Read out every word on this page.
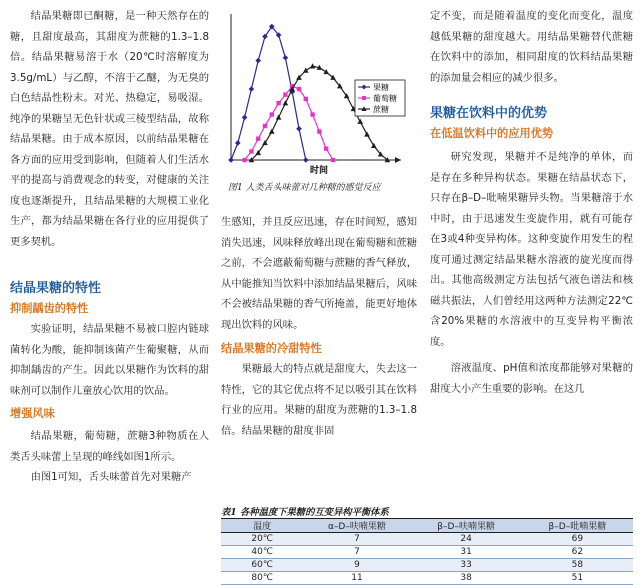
结晶果糖即已酮糖，是一种天然存在的糖，且甜度最高，其甜度为蔗糖的1.3–1.8倍。结晶果糖易溶于水（20℃时溶解度为3.5g/mL）与乙醇，不溶于乙醚，为无臭的白色结晶性粉末。对光、热稳定，易吸湿。纯净的果糖呈无色针状或三棱型结晶，故称结晶果糖。由于成本原因，以前结晶果糖在各方面的应用受到影响，但随着人们生活水平的提高与消费观念的转变，对健康的关注度也逐渐提升，且结晶果糖的大规模工业化生产，都为结晶果糖在各行业的应用提供了更多契机。

结晶果糖的特性
抑制龋齿的特性

实验证明，结晶果糖不易被口腔内链球菌转化为酸，能抑制该菌产生葡聚糖，从而抑制龋齿的产生。因此以果糖作为饮料的甜味剂可以制作儿童放心饮用的饮品。

增强风味

结晶果糖，葡萄糖，蔗糖3种物质在人类舌头味蕾上呈现的峰线如图1所示。

由图1可知，舌头味蕾首先对果糖产

时间
果糖
葡萄糖
蔗糖
图1 人类舌头味蕾对几种糖的感觉反应

生感知，并且反应迅速，存在时间短，感知消失迅速，风味释放峰出现在葡萄糖和蔗糖之前，不会遮蔽葡萄糖与蔗糖的香气释放，从中能推知当饮料中添加结晶果糖后，风味不会被结晶果糖的香气所掩盖，能更好地体现出饮料的风味。

结晶果糖的冷甜特性

果糖最大的特点就是甜度大，失去这一特性，它的其它优点将不足以吸引其在饮料行业的应用。果糖的甜度为蔗糖的1.3–1.8倍。结晶果糖的甜度非固

定不变，而是随着温度的变化而变化，温度越低果糖的甜度越大。用结晶果糖替代蔗糖在饮料中的添加，相同甜度的饮料结晶果糖的添加量会相应的减少很多。

果糖在饮料中的优势
在低温饮料中的应用优势

研究发现，果糖并不是纯净的单体，而是存在多种异构状态。果糖在结晶状态下，只存在β–D–吡喃果糖异头物。当果糖溶于水中时，由于迅速发生变旋作用，就有可能存在3或4种变异构体。这种变旋作用发生的程度可通过测定结晶果糖水溶液的旋光度而得出。其他高级测定方法包括气液色谱法和核磁共振法，人们曾经用这两种方法测定22℃含20%果糖的水溶液中的互变异构平衡浓度。

溶液温度、pH值和浓度都能够对果糖的甜度大小产生重要的影响。在这几

表1 各种温度下果糖的互变异构平衡体系
温度	α–D–呋喃果糖	β–D–呋喃果糖	β–D–吡喃果糖
20℃	7	24	69
40℃	7	31	62
60℃	9	33	58
80℃	11	38	51
